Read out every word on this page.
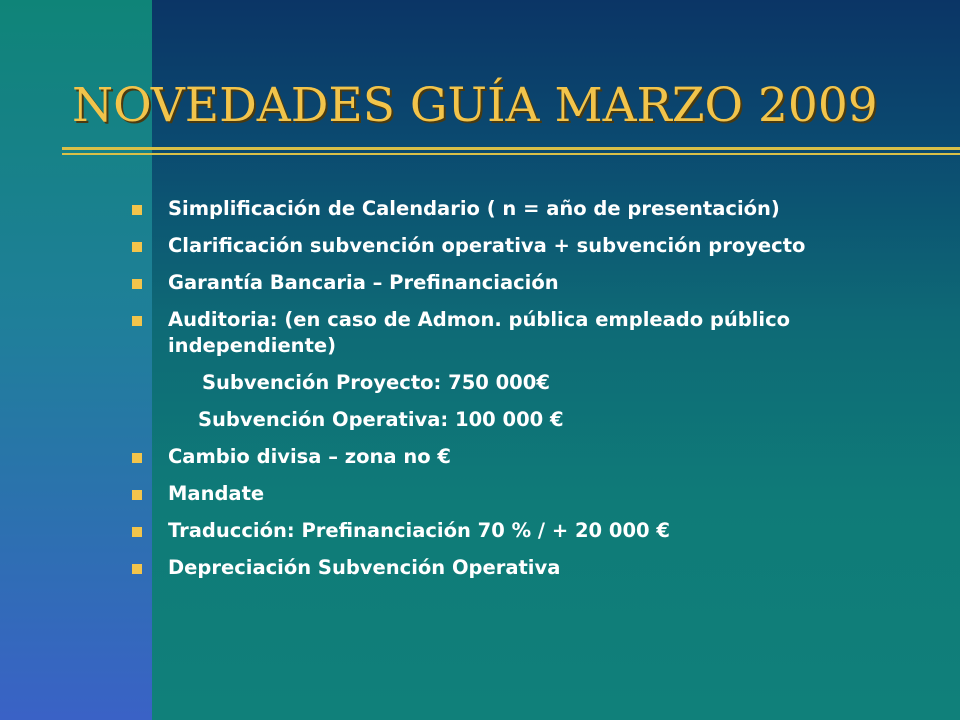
NOVEDADES GUÍA MARZO 2009
Simplificación de Calendario ( n = año de presentación)
Clarificación subvención operativa + subvención proyecto
Garantía Bancaria – Prefinanciación
Auditoria: (en caso de Admon. pública empleado público independiente)
Subvención Proyecto: 750 000€
Subvención Operativa: 100 000 €
Cambio divisa – zona no €
Mandate
Traducción: Prefinanciación 70 % / + 20 000 €
Depreciación Subvención Operativa
